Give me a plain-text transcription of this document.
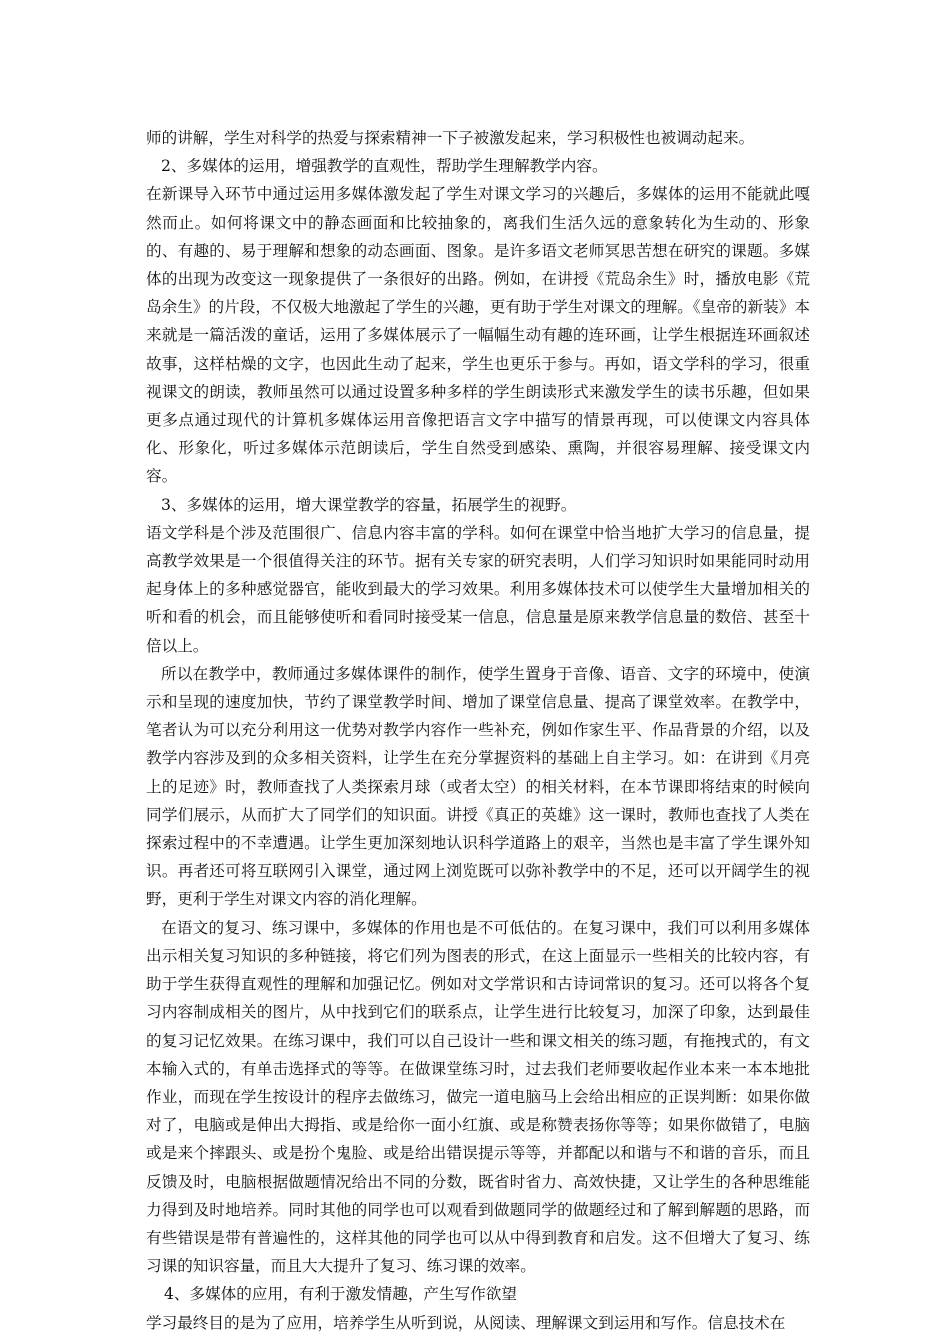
师的讲解，学生对科学的热爱与探索精神一下子被激发起来，学习积极性也被调动起来。

2、多媒体的运用，增强教学的直观性，帮助学生理解教学内容。

在新课导入环节中通过运用多媒体激发起了学生对课文学习的兴趣后，多媒体的运用不能就此嘎然而止。如何将课文中的静态画面和比较抽象的，离我们生活久远的意象转化为生动的、形象的、有趣的、易于理解和想象的动态画面、图象。是许多语文老师冥思苦想在研究的课题。多媒体的出现为改变这一现象提供了一条很好的出路。例如，在讲授《荒岛余生》时，播放电影《荒岛余生》的片段，不仅极大地激起了学生的兴趣，更有助于学生对课文的理解。《皇帝的新装》本来就是一篇活泼的童话，运用了多媒体展示了一幅幅生动有趣的连环画，让学生根据连环画叙述故事，这样枯燥的文字，也因此生动了起来，学生也更乐于参与。再如，语文学科的学习，很重视课文的朗读，教师虽然可以通过设置多种多样的学生朗读形式来激发学生的读书乐趣，但如果更多点通过现代的计算机多媒体运用音像把语言文字中描写的情景再现，可以使课文内容具体化、形象化，听过多媒体示范朗读后，学生自然受到感染、熏陶，并很容易理解、接受课文内容。

3、多媒体的运用，增大课堂教学的容量，拓展学生的视野。

语文学科是个涉及范围很广、信息内容丰富的学科。如何在课堂中恰当地扩大学习的信息量，提高教学效果是一个很值得关注的环节。据有关专家的研究表明，人们学习知识时如果能同时动用起身体上的多种感觉器官，能收到最大的学习效果。利用多媒体技术可以使学生大量增加相关的听和看的机会，而且能够使听和看同时接受某一信息，信息量是原来教学信息量的数倍、甚至十倍以上。

所以在教学中，教师通过多媒体课件的制作，使学生置身于音像、语音、文字的环境中，使演示和呈现的速度加快，节约了课堂教学时间、增加了课堂信息量、提高了课堂效率。在教学中，笔者认为可以充分利用这一优势对教学内容作一些补充，例如作家生平、作品背景的介绍，以及教学内容涉及到的众多相关资料，让学生在充分掌握资料的基础上自主学习。如：在讲到《月亮上的足迹》时，教师查找了人类探索月球（或者太空）的相关材料，在本节课即将结束的时候向同学们展示，从而扩大了同学们的知识面。讲授《真正的英雄》这一课时，教师也查找了人类在探索过程中的不幸遭遇。让学生更加深刻地认识科学道路上的艰辛，当然也是丰富了学生课外知识。再者还可将互联网引入课堂，通过网上浏览既可以弥补教学中的不足，还可以开阔学生的视野，更利于学生对课文内容的消化理解。

在语文的复习、练习课中，多媒体的作用也是不可低估的。在复习课中，我们可以利用多媒体出示相关复习知识的多种链接，将它们列为图表的形式，在这上面显示一些相关的比较内容，有助于学生获得直观性的理解和加强记忆。例如对文学常识和古诗词常识的复习。还可以将各个复习内容制成相关的图片，从中找到它们的联系点，让学生进行比较复习，加深了印象，达到最佳的复习记忆效果。在练习课中，我们可以自己设计一些和课文相关的练习题，有拖拽式的，有文本输入式的，有单击选择式的等等。在做课堂练习时，过去我们老师要收起作业本来一本本地批作业，而现在学生按设计的程序去做练习，做完一道电脑马上会给出相应的正误判断：如果你做对了，电脑或是伸出大拇指、或是给你一面小红旗、或是称赞表扬你等等；如果你做错了，电脑或是来个摔跟头、或是扮个鬼脸、或是给出错误提示等等，并都配以和谐与不和谐的音乐，而且反馈及时，电脑根据做题情况给出不同的分数，既省时省力、高效快捷，又让学生的各种思维能力得到及时地培养。同时其他的同学也可以观看到做题同学的做题经过和了解到解题的思路，而有些错误是带有普遍性的，这样其他的同学也可以从中得到教育和启发。这不但增大了复习、练习课的知识容量，而且大大提升了复习、练习课的效率。

4、多媒体的应用，有利于激发情趣，产生写作欲望

学习最终目的是为了应用，培养学生从听到说，从阅读、理解课文到运用和写作。信息技术在
